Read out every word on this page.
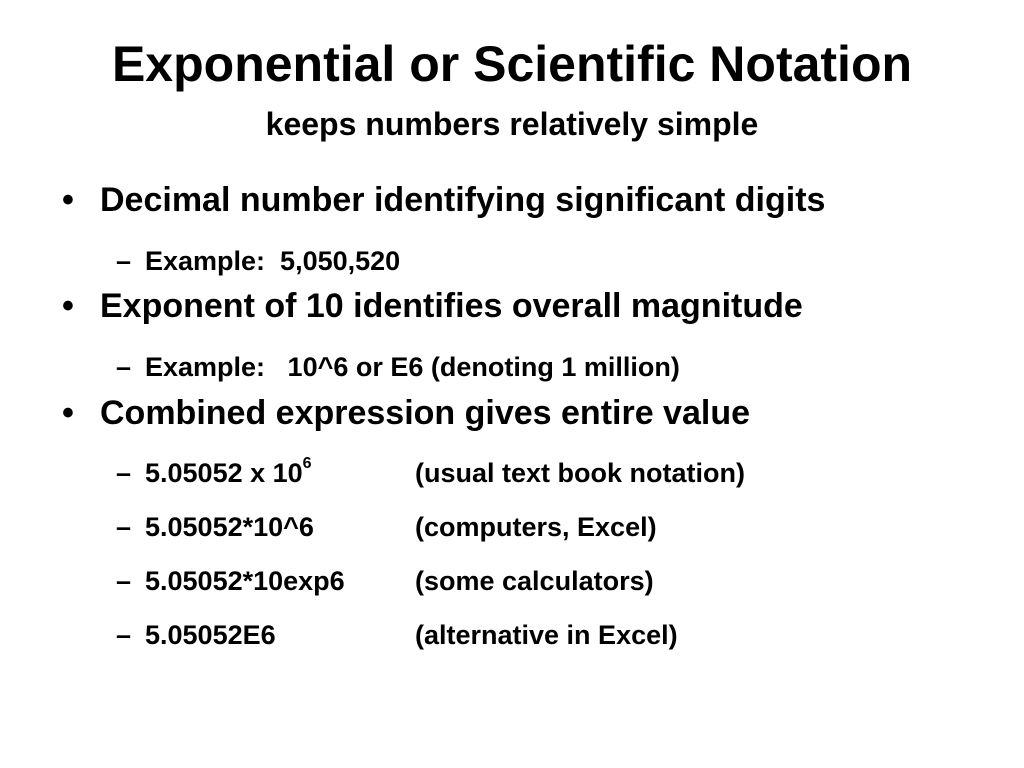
Exponential or Scientific Notation
keeps numbers relatively simple
• Decimal number identifying significant digits
– Example:  5,050,520
• Exponent of 10 identifies overall magnitude
– Example:   10^6 or E6 (denoting 1 million)
• Combined expression gives entire value
– 5.05052 x $10^6$	(usual text book notation)
– 5.05052*10^6	(computers, Excel)
– 5.05052*10exp6	(some calculators)
– 5.05052E6	(alternative in Excel)
